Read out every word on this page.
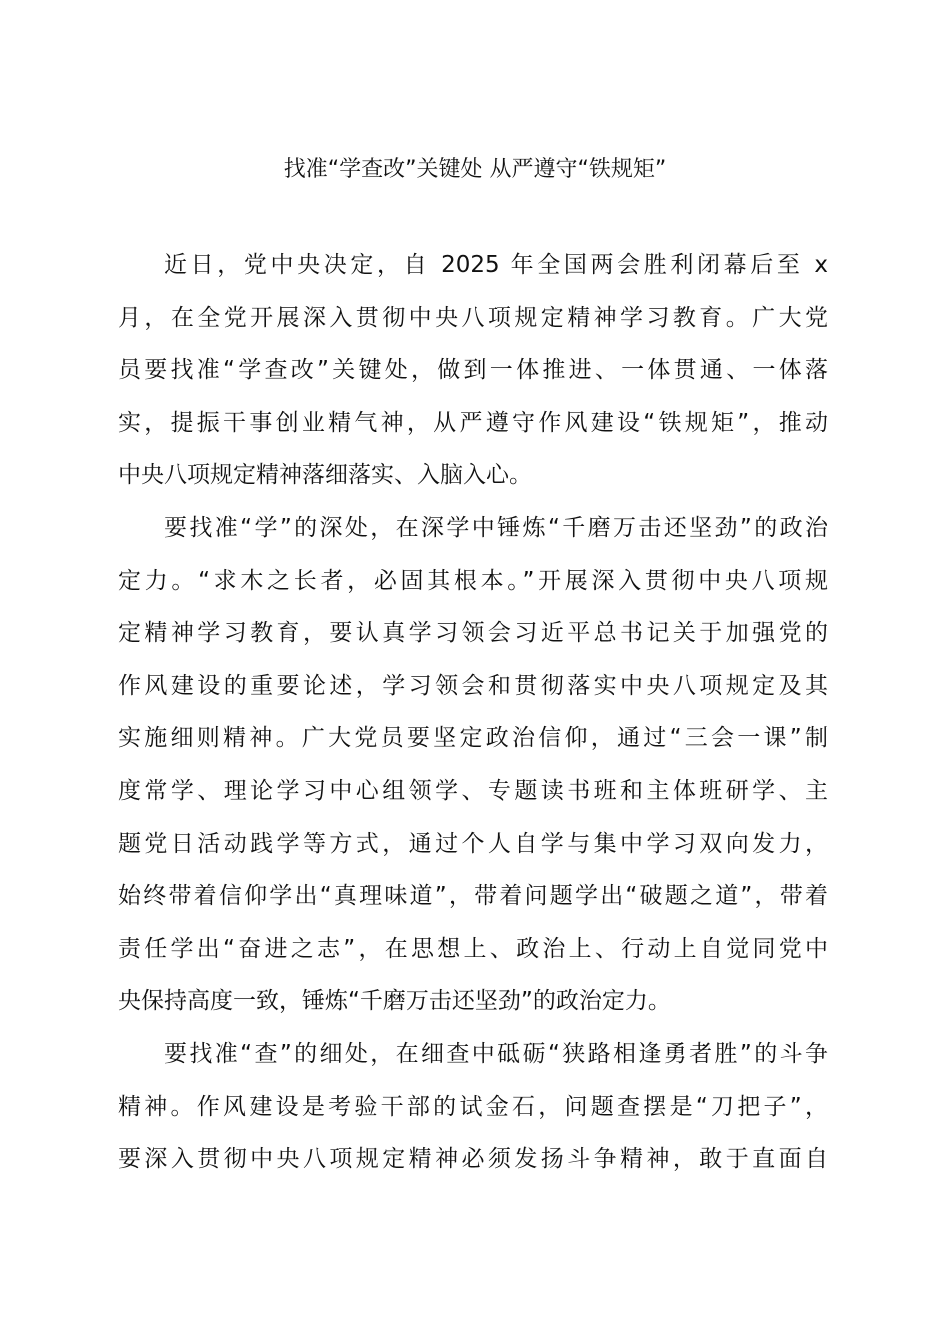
找准“学查改”关键处 从严遵守“铁规矩”
近日，党中央决定，自 2025 年全国两会胜利闭幕后至 x
月，在全党开展深入贯彻中央八项规定精神学习教育。广大党
员要找准“学查改”关键处，做到一体推进、一体贯通、一体落
实，提振干事创业精气神，从严遵守作风建设“铁规矩”，推动
中央八项规定精神落细落实、入脑入心。
要找准“学”的深处，在深学中锤炼“千磨万击还坚劲”的政治
定力。“求木之长者，必固其根本。”开展深入贯彻中央八项规
定精神学习教育，要认真学习领会习近平总书记关于加强党的
作风建设的重要论述，学习领会和贯彻落实中央八项规定及其
实施细则精神。广大党员要坚定政治信仰，通过“三会一课”制
度常学、理论学习中心组领学、专题读书班和主体班研学、主
题党日活动践学等方式，通过个人自学与集中学习双向发力，
始终带着信仰学出“真理味道”，带着问题学出“破题之道”，带着
责任学出“奋进之志”，在思想上、政治上、行动上自觉同党中
央保持高度一致，锤炼“千磨万击还坚劲”的政治定力。
要找准“查”的细处，在细查中砥砺“狭路相逢勇者胜”的斗争
精神。作风建设是考验干部的试金石，问题查摆是“刀把子”，
要深入贯彻中央八项规定精神必须发扬斗争精神，敢于直面自
